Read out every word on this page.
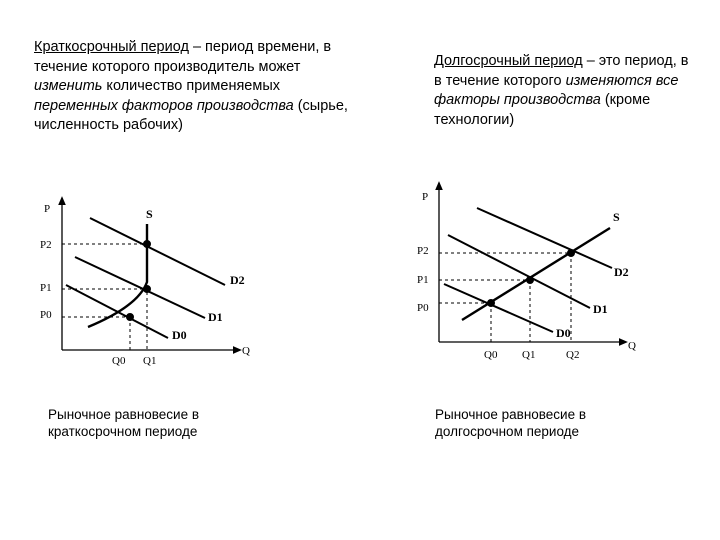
Краткосрочный период – период времени, в течение которого производитель может изменить количество применяемых переменных факторов производства (сырье, численность рабочих)
Долгосрочный период – это период, в в течение которого изменяются все факторы производства (кроме технологии)
P
Q
P2
P1
P0
Q0 Q1
S
D2
D1
D0
P
Q
P2
P1
P0
Q0 Q1	Q2
S
D2
D1
D0
Рыночное равновесие в краткосрочном периоде
Рыночное равновесие в долгосрочном периоде
